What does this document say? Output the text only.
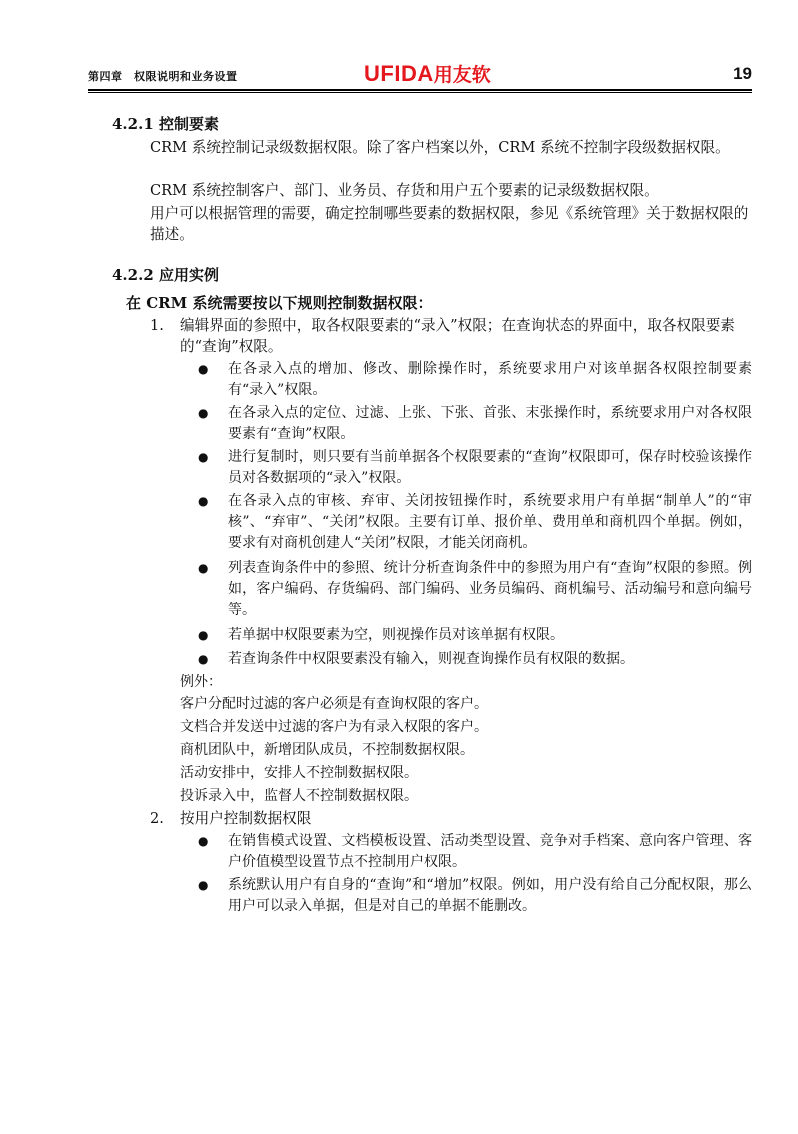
第四章　权限说明和业务设置	UFIDA用友软	19
4.2.1 控制要素
CRM 系统控制记录级数据权限。除了客户档案以外，CRM 系统不控制字段级数据权限。
CRM 系统控制客户、部门、业务员、存货和用户五个要素的记录级数据权限。
用户可以根据管理的需要，确定控制哪些要素的数据权限，参见《系统管理》关于数据权限的描述。
4.2.2 应用实例
在 CRM 系统需要按以下规则控制数据权限：
1. 编辑界面的参照中，取各权限要素的“录入”权限；在查询状态的界面中，取各权限要素的“查询”权限。
● 在各录入点的增加、修改、删除操作时，系统要求用户对该单据各权限控制要素有“录入”权限。
● 在各录入点的定位、过滤、上张、下张、首张、末张操作时，系统要求用户对各权限要素有“查询”权限。
● 进行复制时，则只要有当前单据各个权限要素的“查询”权限即可，保存时校验该操作员对各数据项的“录入”权限。
● 在各录入点的审核、弃审、关闭按钮操作时，系统要求用户有单据“制单人”的“审核”、“弃审”、“关闭”权限。主要有订单、报价单、费用单和商机四个单据。例如，要求有对商机创建人“关闭”权限，才能关闭商机。
● 列表查询条件中的参照、统计分析查询条件中的参照为用户有“查询”权限的参照。例如，客户编码、存货编码、部门编码、业务员编码、商机编号、活动编号和意向编号等。
● 若单据中权限要素为空，则视操作员对该单据有权限。
● 若查询条件中权限要素没有输入，则视查询操作员有权限的数据。
例外：
客户分配时过滤的客户必须是有查询权限的客户。
文档合并发送中过滤的客户为有录入权限的客户。
商机团队中，新增团队成员，不控制数据权限。
活动安排中，安排人不控制数据权限。
投诉录入中，监督人不控制数据权限。
2. 按用户控制数据权限
● 在销售模式设置、文档模板设置、活动类型设置、竞争对手档案、意向客户管理、客户价值模型设置节点不控制用户权限。
● 系统默认用户有自身的“查询”和“增加”权限。例如，用户没有给自己分配权限，那么用户可以录入单据，但是对自己的单据不能删改。
